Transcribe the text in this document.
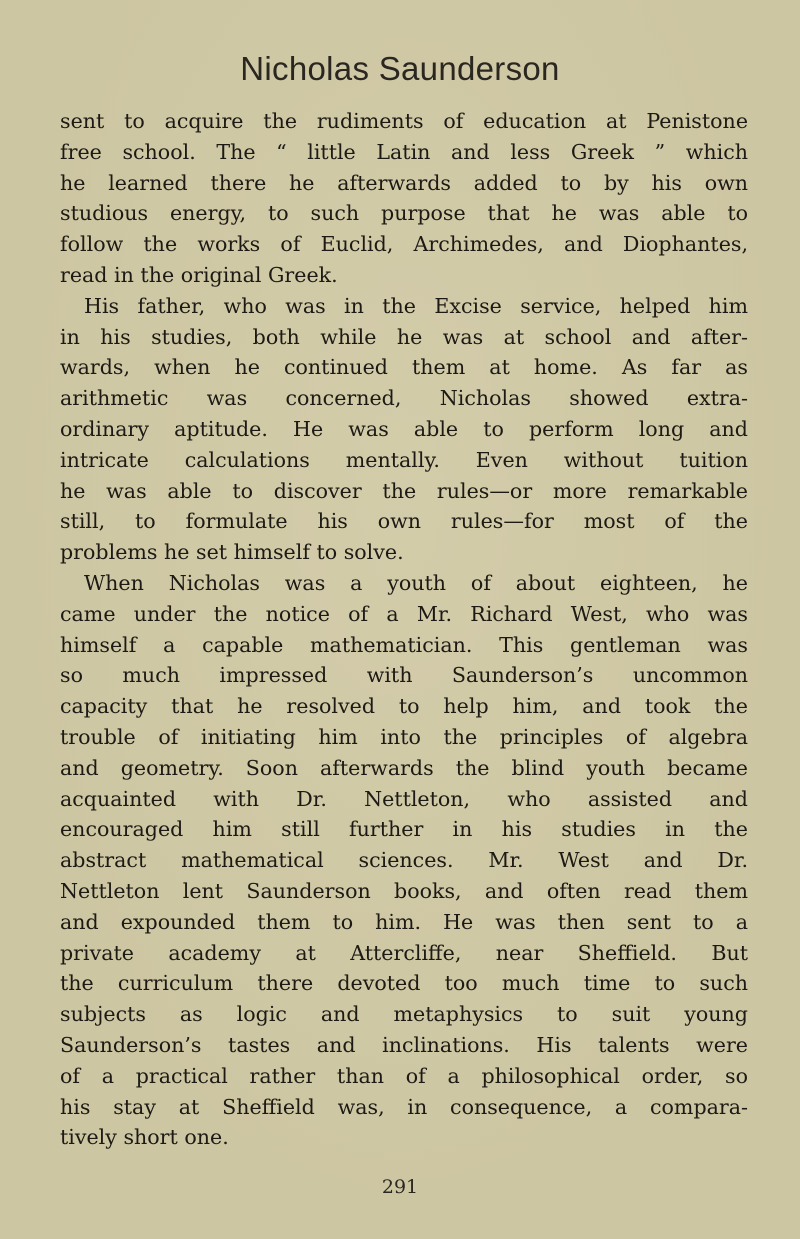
Nicholas Saunderson
sent to acquire the rudiments of education at Penistone
free school. The “ little Latin and less Greek ” which
he learned there he afterwards added to by his own
studious energy, to such purpose that he was able to
follow the works of Euclid, Archimedes, and Diophantes,
read in the original Greek.
His father, who was in the Excise service, helped him
in his studies, both while he was at school and after-
wards, when he continued them at home. As far as
arithmetic was concerned, Nicholas showed extra-
ordinary aptitude. He was able to perform long and
intricate calculations mentally. Even without tuition
he was able to discover the rules—or more remarkable
still, to formulate his own rules—for most of the
problems he set himself to solve.
When Nicholas was a youth of about eighteen, he
came under the notice of a Mr. Richard West, who was
himself a capable mathematician. This gentleman was
so much impressed with Saunderson’s uncommon
capacity that he resolved to help him, and took the
trouble of initiating him into the principles of algebra
and geometry. Soon afterwards the blind youth became
acquainted with Dr. Nettleton, who assisted and
encouraged him still further in his studies in the
abstract mathematical sciences. Mr. West and Dr.
Nettleton lent Saunderson books, and often read them
and expounded them to him. He was then sent to a
private academy at Attercliffe, near Sheffield. But
the curriculum there devoted too much time to such
subjects as logic and metaphysics to suit young
Saunderson’s tastes and inclinations. His talents were
of a practical rather than of a philosophical order, so
his stay at Sheffield was, in consequence, a compara-
tively short one.
291
